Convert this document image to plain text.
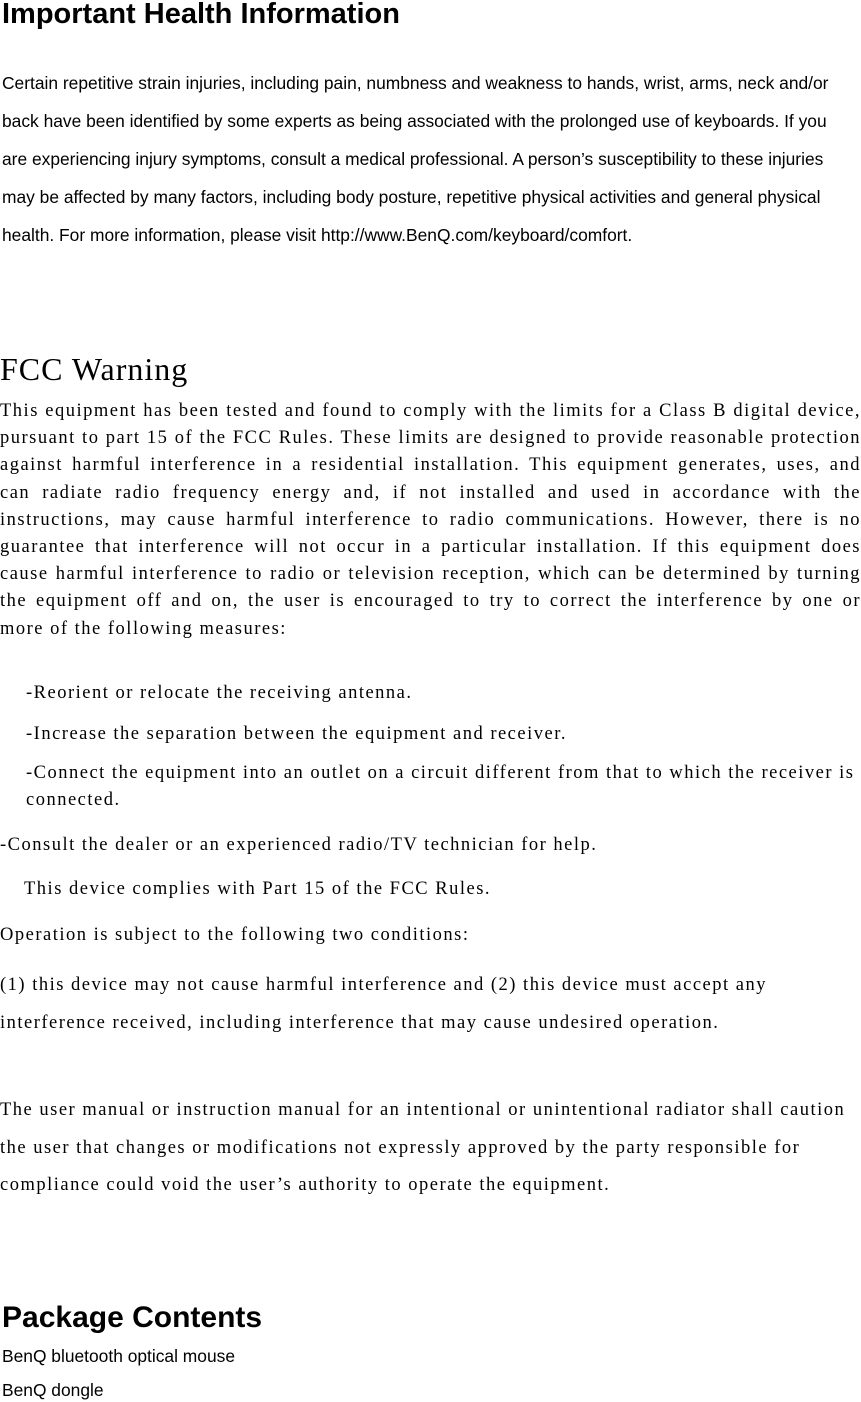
Important Health Information

Certain repetitive strain injuries, including pain, numbness and weakness to hands, wrist, arms, neck and/or back have been identified by some experts as being associated with the prolonged use of keyboards. If you are experiencing injury symptoms, consult a medical professional. A person’s susceptibility to these injuries may be affected by many factors, including body posture, repetitive physical activities and general physical health. For more information, please visit http://www.BenQ.com/keyboard/comfort.

FCC Warning

This equipment has been tested and found to comply with the limits for a Class B digital device, pursuant to part 15 of the FCC Rules. These limits are designed to provide reasonable protection against harmful interference in a residential installation. This equipment generates, uses, and can radiate radio frequency energy and, if not installed and used in accordance with the instructions, may cause harmful interference to radio communications. However, there is no guarantee that interference will not occur in a particular installation. If this equipment does cause harmful interference to radio or television reception, which can be determined by turning the equipment off and on, the user is encouraged to try to correct the interference by one or more of the following measures:

-Reorient or relocate the receiving antenna.

-Increase the separation between the equipment and receiver.

-Connect the equipment into an outlet on a circuit different from that to which the receiver is connected.

-Consult the dealer or an experienced radio/TV technician for help.

This device complies with Part 15 of the FCC Rules.

Operation is subject to the following two conditions:

(1) this device may not cause harmful interference and (2) this device must accept any interference received, including interference that may cause undesired operation.

The user manual or instruction manual for an intentional or unintentional radiator shall caution the user that changes or modifications not expressly approved by the party responsible for compliance could void the user’s authority to operate the equipment.

Package Contents

BenQ bluetooth optical mouse

BenQ dongle
